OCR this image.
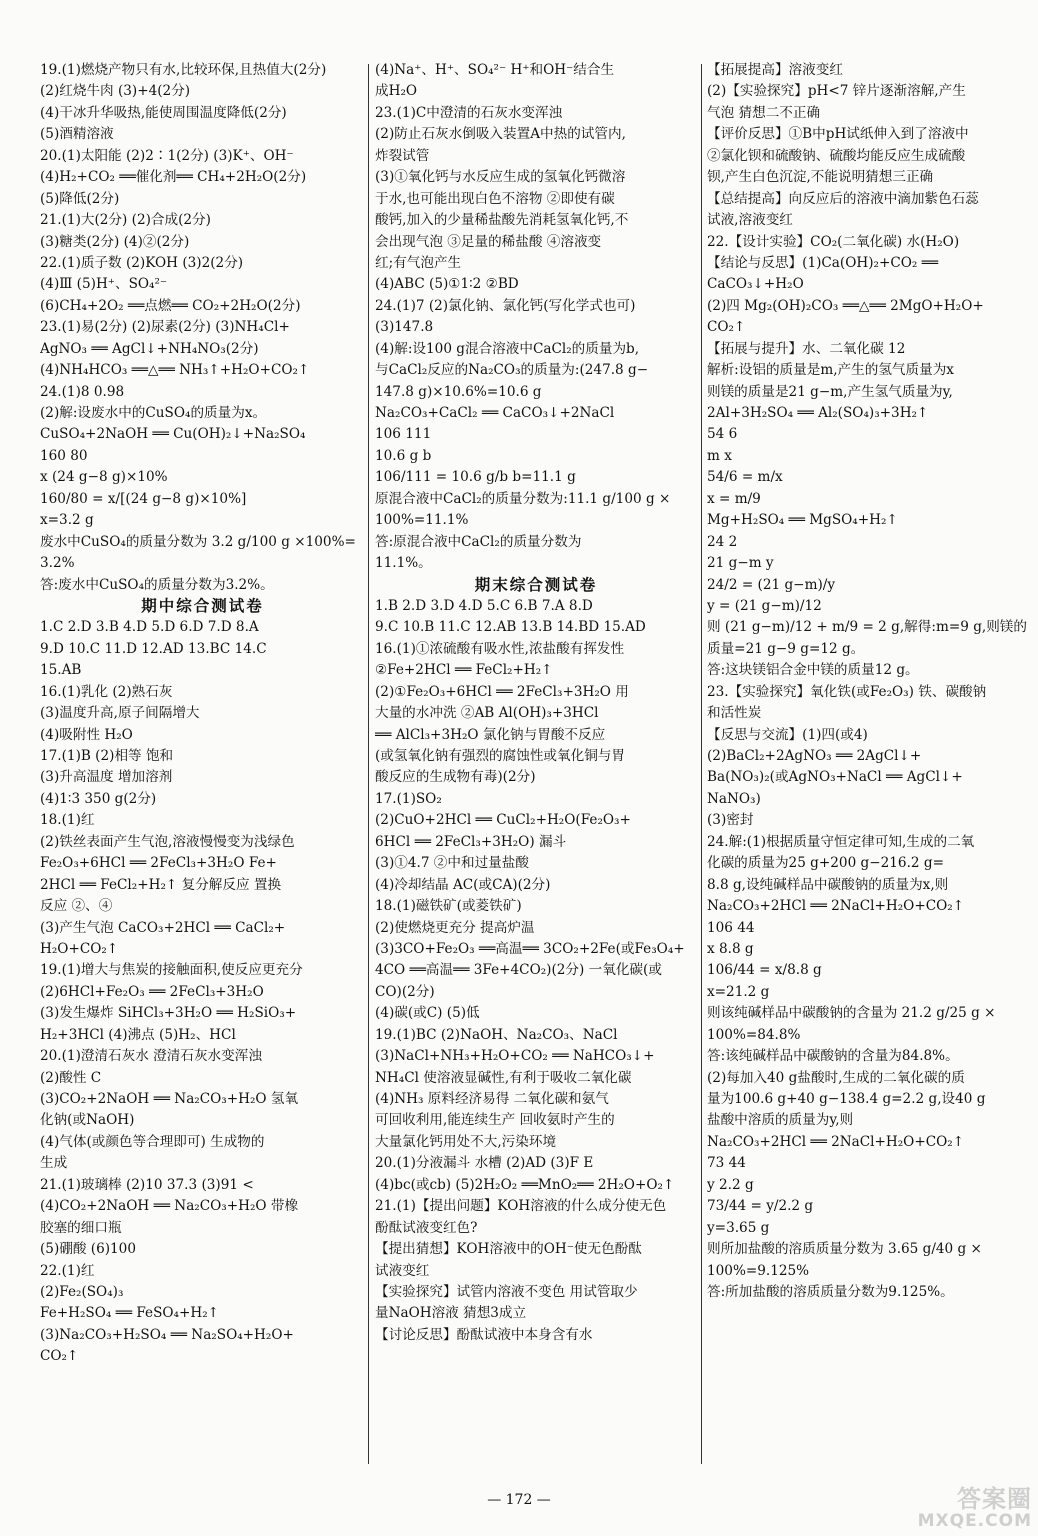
19.(1)燃烧产物只有水,比较环保,且热值大(2分)
(2)红烧牛肉 (3)+4(2分)
(4)干冰升华吸热,能使周围温度降低(2分)
(5)酒精溶液
20.(1)太阳能 (2)2∶1(2分) (3)K⁺、OH⁻
(4)H₂+CO₂ ══催化剂══ CH₄+2H₂O(2分)
(5)降低(2分)
21.(1)大(2分) (2)合成(2分)
(3)糖类(2分) (4)②(2分)
22.(1)质子数 (2)KOH (3)2(2分)
(4)Ⅲ (5)H⁺、SO₄²⁻
(6)CH₄+2O₂ ══点燃══ CO₂+2H₂O(2分)
23.(1)易(2分) (2)尿素(2分) (3)NH₄Cl+
AgNO₃ ══ AgCl↓+NH₄NO₃(2分)
(4)NH₄HCO₃ ══△══ NH₃↑+H₂O+CO₂↑
24.(1)8 0.98
(2)解:设废水中的CuSO₄的质量为x。
CuSO₄+2NaOH ══ Cu(OH)₂↓+Na₂SO₄
160 80
x (24 g−8 g)×10%
160/80 = x/[(24 g−8 g)×10%]
x=3.2 g
废水中CuSO₄的质量分数为 3.2 g/100 g ×100%=
3.2%
答:废水中CuSO₄的质量分数为3.2%。
期中综合测试卷
1.C 2.D 3.B 4.D 5.D 6.D 7.D 8.A
9.D 10.C 11.D 12.AD 13.BC 14.C
15.AB
16.(1)乳化 (2)熟石灰
(3)温度升高,原子间隔增大
(4)吸附性 H₂O
17.(1)B (2)相等 饱和
(3)升高温度 增加溶剂
(4)1∶3 350 g(2分)
18.(1)红
(2)铁丝表面产生气泡,溶液慢慢变为浅绿色
Fe₂O₃+6HCl ══ 2FeCl₃+3H₂O Fe+
2HCl ══ FeCl₂+H₂↑ 复分解反应 置换
反应 ②、④
(3)产生气泡 CaCO₃+2HCl ══ CaCl₂+
H₂O+CO₂↑
19.(1)增大与焦炭的接触面积,使反应更充分
(2)6HCl+Fe₂O₃ ══ 2FeCl₃+3H₂O
(3)发生爆炸 SiHCl₃+3H₂O ══ H₂SiO₃+
H₂+3HCl (4)沸点 (5)H₂、HCl
20.(1)澄清石灰水 澄清石灰水变浑浊
(2)酸性 C
(3)CO₂+2NaOH ══ Na₂CO₃+H₂O 氢氧
化钠(或NaOH)
(4)气体(或颜色等合理即可) 生成物的
生成
21.(1)玻璃棒 (2)10 37.3 (3)91 <
(4)CO₂+2NaOH ══ Na₂CO₃+H₂O 带橡
胶塞的细口瓶
(5)硼酸 (6)100
22.(1)红
(2)Fe₂(SO₄)₃
Fe+H₂SO₄ ══ FeSO₄+H₂↑
(3)Na₂CO₃+H₂SO₄ ══ Na₂SO₄+H₂O+
CO₂↑
(4)Na⁺、H⁺、SO₄²⁻ H⁺和OH⁻结合生
成H₂O
23.(1)C中澄清的石灰水变浑浊
(2)防止石灰水倒吸入装置A中热的试管内,
炸裂试管
(3)①氧化钙与水反应生成的氢氧化钙微溶
于水,也可能出现白色不溶物 ②即使有碳
酸钙,加入的少量稀盐酸先消耗氢氧化钙,不
会出现气泡 ③足量的稀盐酸 ④溶液变
红;有气泡产生
(4)ABC (5)①1∶2 ②BD
24.(1)7 (2)氯化钠、氯化钙(写化学式也可)
(3)147.8
(4)解:设100 g混合溶液中CaCl₂的质量为b,
与CaCl₂反应的Na₂CO₃的质量为:(247.8 g−
147.8 g)×10.6%=10.6 g
Na₂CO₃+CaCl₂ ══ CaCO₃↓+2NaCl
106 111
10.6 g b
106/111 = 10.6 g/b b=11.1 g
原混合液中CaCl₂的质量分数为:11.1 g/100 g ×
100%=11.1%
答:原混合液中CaCl₂的质量分数为
11.1%。
期末综合测试卷
1.B 2.D 3.D 4.D 5.C 6.B 7.A 8.D
9.C 10.B 11.C 12.AB 13.B 14.BD 15.AD
16.(1)①浓硫酸有吸水性,浓盐酸有挥发性
②Fe+2HCl ══ FeCl₂+H₂↑
(2)①Fe₂O₃+6HCl ══ 2FeCl₃+3H₂O 用
大量的水冲洗 ②AB Al(OH)₃+3HCl
══ AlCl₃+3H₂O 氯化钠与胃酸不反应
(或氢氧化钠有强烈的腐蚀性或氧化铜与胃
酸反应的生成物有毒)(2分)
17.(1)SO₂
(2)CuO+2HCl ══ CuCl₂+H₂O(Fe₂O₃+
6HCl ══ 2FeCl₃+3H₂O) 漏斗
(3)①4.7 ②中和过量盐酸
(4)冷却结晶 AC(或CA)(2分)
18.(1)磁铁矿(或菱铁矿)
(2)使燃烧更充分 提高炉温
(3)3CO+Fe₂O₃ ══高温══ 3CO₂+2Fe(或Fe₃O₄+
4CO ══高温══ 3Fe+4CO₂)(2分) 一氧化碳(或
CO)(2分)
(4)碳(或C) (5)低
19.(1)BC (2)NaOH、Na₂CO₃、NaCl
(3)NaCl+NH₃+H₂O+CO₂ ══ NaHCO₃↓+
NH₄Cl 使溶液显碱性,有利于吸收二氧化碳
(4)NH₃ 原料经济易得 二氧化碳和氨气
可回收利用,能连续生产 回收氨时产生的
大量氯化钙用处不大,污染环境
20.(1)分液漏斗 水槽 (2)AD (3)F E
(4)bc(或cb) (5)2H₂O₂ ══MnO₂══ 2H₂O+O₂↑
21.(1)【提出问题】KOH溶液的什么成分使无色
酚酞试液变红色?
【提出猜想】KOH溶液中的OH⁻使无色酚酞
试液变红
【实验探究】试管内溶液不变色 用试管取少
量NaOH溶液 猜想3成立
【讨论反思】酚酞试液中本身含有水
【拓展提高】溶液变红
(2)【实验探究】pH<7 锌片逐渐溶解,产生
气泡 猜想二不正确
【评价反思】①B中pH试纸伸入到了溶液中
②氯化钡和硫酸钠、硫酸均能反应生成硫酸
钡,产生白色沉淀,不能说明猜想三正确
【总结提高】向反应后的溶液中滴加紫色石蕊
试液,溶液变红
22.【设计实验】CO₂(二氧化碳) 水(H₂O)
【结论与反思】(1)Ca(OH)₂+CO₂ ══
CaCO₃↓+H₂O
(2)四 Mg₂(OH)₂CO₃ ══△══ 2MgO+H₂O+
CO₂↑
【拓展与提升】水、二氧化碳 12
解析:设铝的质量是m,产生的氢气质量为x
则镁的质量是21 g−m,产生氢气质量为y,
2Al+3H₂SO₄ ══ Al₂(SO₄)₃+3H₂↑
54 6
m x
54/6 = m/x
x = m/9
Mg+H₂SO₄ ══ MgSO₄+H₂↑
24 2
21 g−m y
24/2 = (21 g−m)/y
y = (21 g−m)/12
则 (21 g−m)/12 + m/9 = 2 g,解得:m=9 g,则镁的
质量=21 g−9 g=12 g。
答:这块镁铝合金中镁的质量12 g。
23.【实验探究】氧化铁(或Fe₂O₃) 铁、碳酸钠
和活性炭
【反思与交流】(1)四(或4)
(2)BaCl₂+2AgNO₃ ══ 2AgCl↓+
Ba(NO₃)₂(或AgNO₃+NaCl ══ AgCl↓+
NaNO₃)
(3)密封
24.解:(1)根据质量守恒定律可知,生成的二氧
化碳的质量为25 g+200 g−216.2 g=
8.8 g,设纯碱样品中碳酸钠的质量为x,则
Na₂CO₃+2HCl ══ 2NaCl+H₂O+CO₂↑
106 44
x 8.8 g
106/44 = x/8.8 g
x=21.2 g
则该纯碱样品中碳酸钠的含量为 21.2 g/25 g ×
100%=84.8%
答:该纯碱样品中碳酸钠的含量为84.8%。
(2)每加入40 g盐酸时,生成的二氧化碳的质
量为100.6 g+40 g−138.4 g=2.2 g,设40 g
盐酸中溶质的质量为y,则
Na₂CO₃+2HCl ══ 2NaCl+H₂O+CO₂↑
73 44
y 2.2 g
73/44 = y/2.2 g
y=3.65 g
则所加盐酸的溶质质量分数为 3.65 g/40 g ×
100%=9.125%
答:所加盐酸的溶质质量分数为9.125%。
— 172 —	答案圈
MXQE.COM
